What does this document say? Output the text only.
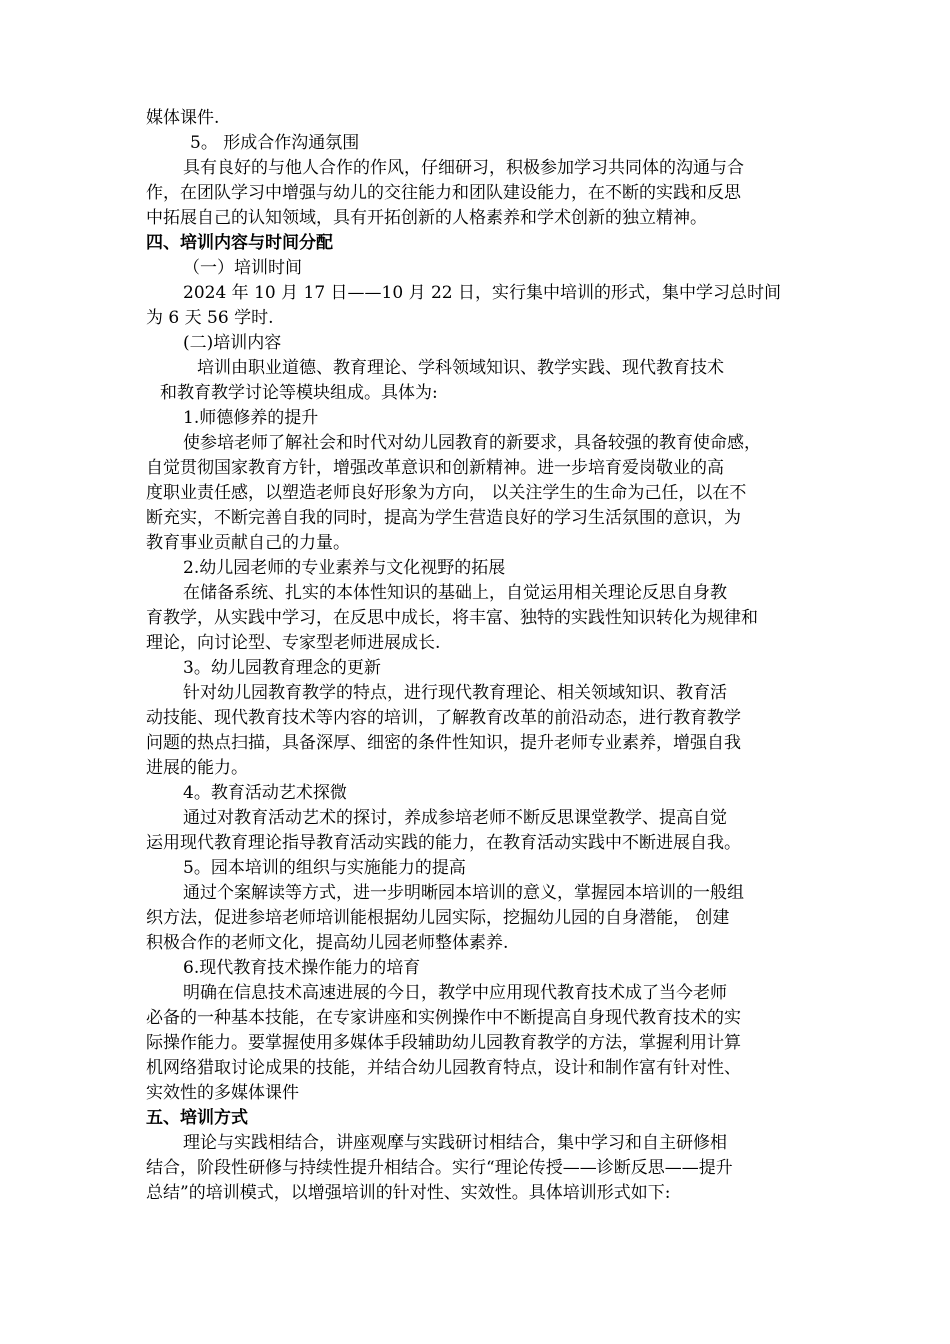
媒体课件.
5。 形成合作沟通氛围
具有良好的与他人合作的作风，仔细研习，积极参加学习共同体的沟通与合
作，在团队学习中增强与幼儿的交往能力和团队建设能力，在不断的实践和反思
中拓展自己的认知领域，具有开拓创新的人格素养和学术创新的独立精神。
四、培训内容与时间分配
（一）培训时间
2024 年 10 月 17 日——10 月 22 日，实行集中培训的形式，集中学习总时间
为 6 天 56 学时.
(二)培训内容
培训由职业道德、教育理论、学科领域知识、教学实践、现代教育技术
和教育教学讨论等模块组成。具体为:
1.师德修养的提升
使参培老师了解社会和时代对幼儿园教育的新要求，具备较强的教育使命感，
自觉贯彻国家教育方针，增强改革意识和创新精神。进一步培育爱岗敬业的高
度职业责任感，以塑造老师良好形象为方向， 以关注学生的生命为己任，以在不
断充实，不断完善自我的同时，提高为学生营造良好的学习生活氛围的意识，为
教育事业贡献自己的力量。
2.幼儿园老师的专业素养与文化视野的拓展
在储备系统、扎实的本体性知识的基础上，自觉运用相关理论反思自身教
育教学，从实践中学习，在反思中成长，将丰富、独特的实践性知识转化为规律和
理论，向讨论型、专家型老师进展成长.
3。幼儿园教育理念的更新
针对幼儿园教育教学的特点，进行现代教育理论、相关领域知识、教育活
动技能、现代教育技术等内容的培训，了解教育改革的前沿动态，进行教育教学
问题的热点扫描，具备深厚、细密的条件性知识，提升老师专业素养，增强自我
进展的能力。
4。教育活动艺术探微
通过对教育活动艺术的探讨，养成参培老师不断反思课堂教学、提高自觉
运用现代教育理论指导教育活动实践的能力，在教育活动实践中不断进展自我。
5。园本培训的组织与实施能力的提高
通过个案解读等方式，进一步明晰园本培训的意义，掌握园本培训的一般组
织方法，促进参培老师培训能根据幼儿园实际，挖掘幼儿园的自身潜能， 创建
积极合作的老师文化，提高幼儿园老师整体素养.
6.现代教育技术操作能力的培育
明确在信息技术高速进展的今日，教学中应用现代教育技术成了当今老师
必备的一种基本技能，在专家讲座和实例操作中不断提高自身现代教育技术的实
际操作能力。要掌握使用多媒体手段辅助幼儿园教育教学的方法，掌握利用计算
机网络猎取讨论成果的技能，并结合幼儿园教育特点，设计和制作富有针对性、
实效性的多媒体课件
五、培训方式
理论与实践相结合，讲座观摩与实践研讨相结合，集中学习和自主研修相
结合，阶段性研修与持续性提升相结合。实行“理论传授——诊断反思——提升
总结”的培训模式，以增强培训的针对性、实效性。具体培训形式如下:
